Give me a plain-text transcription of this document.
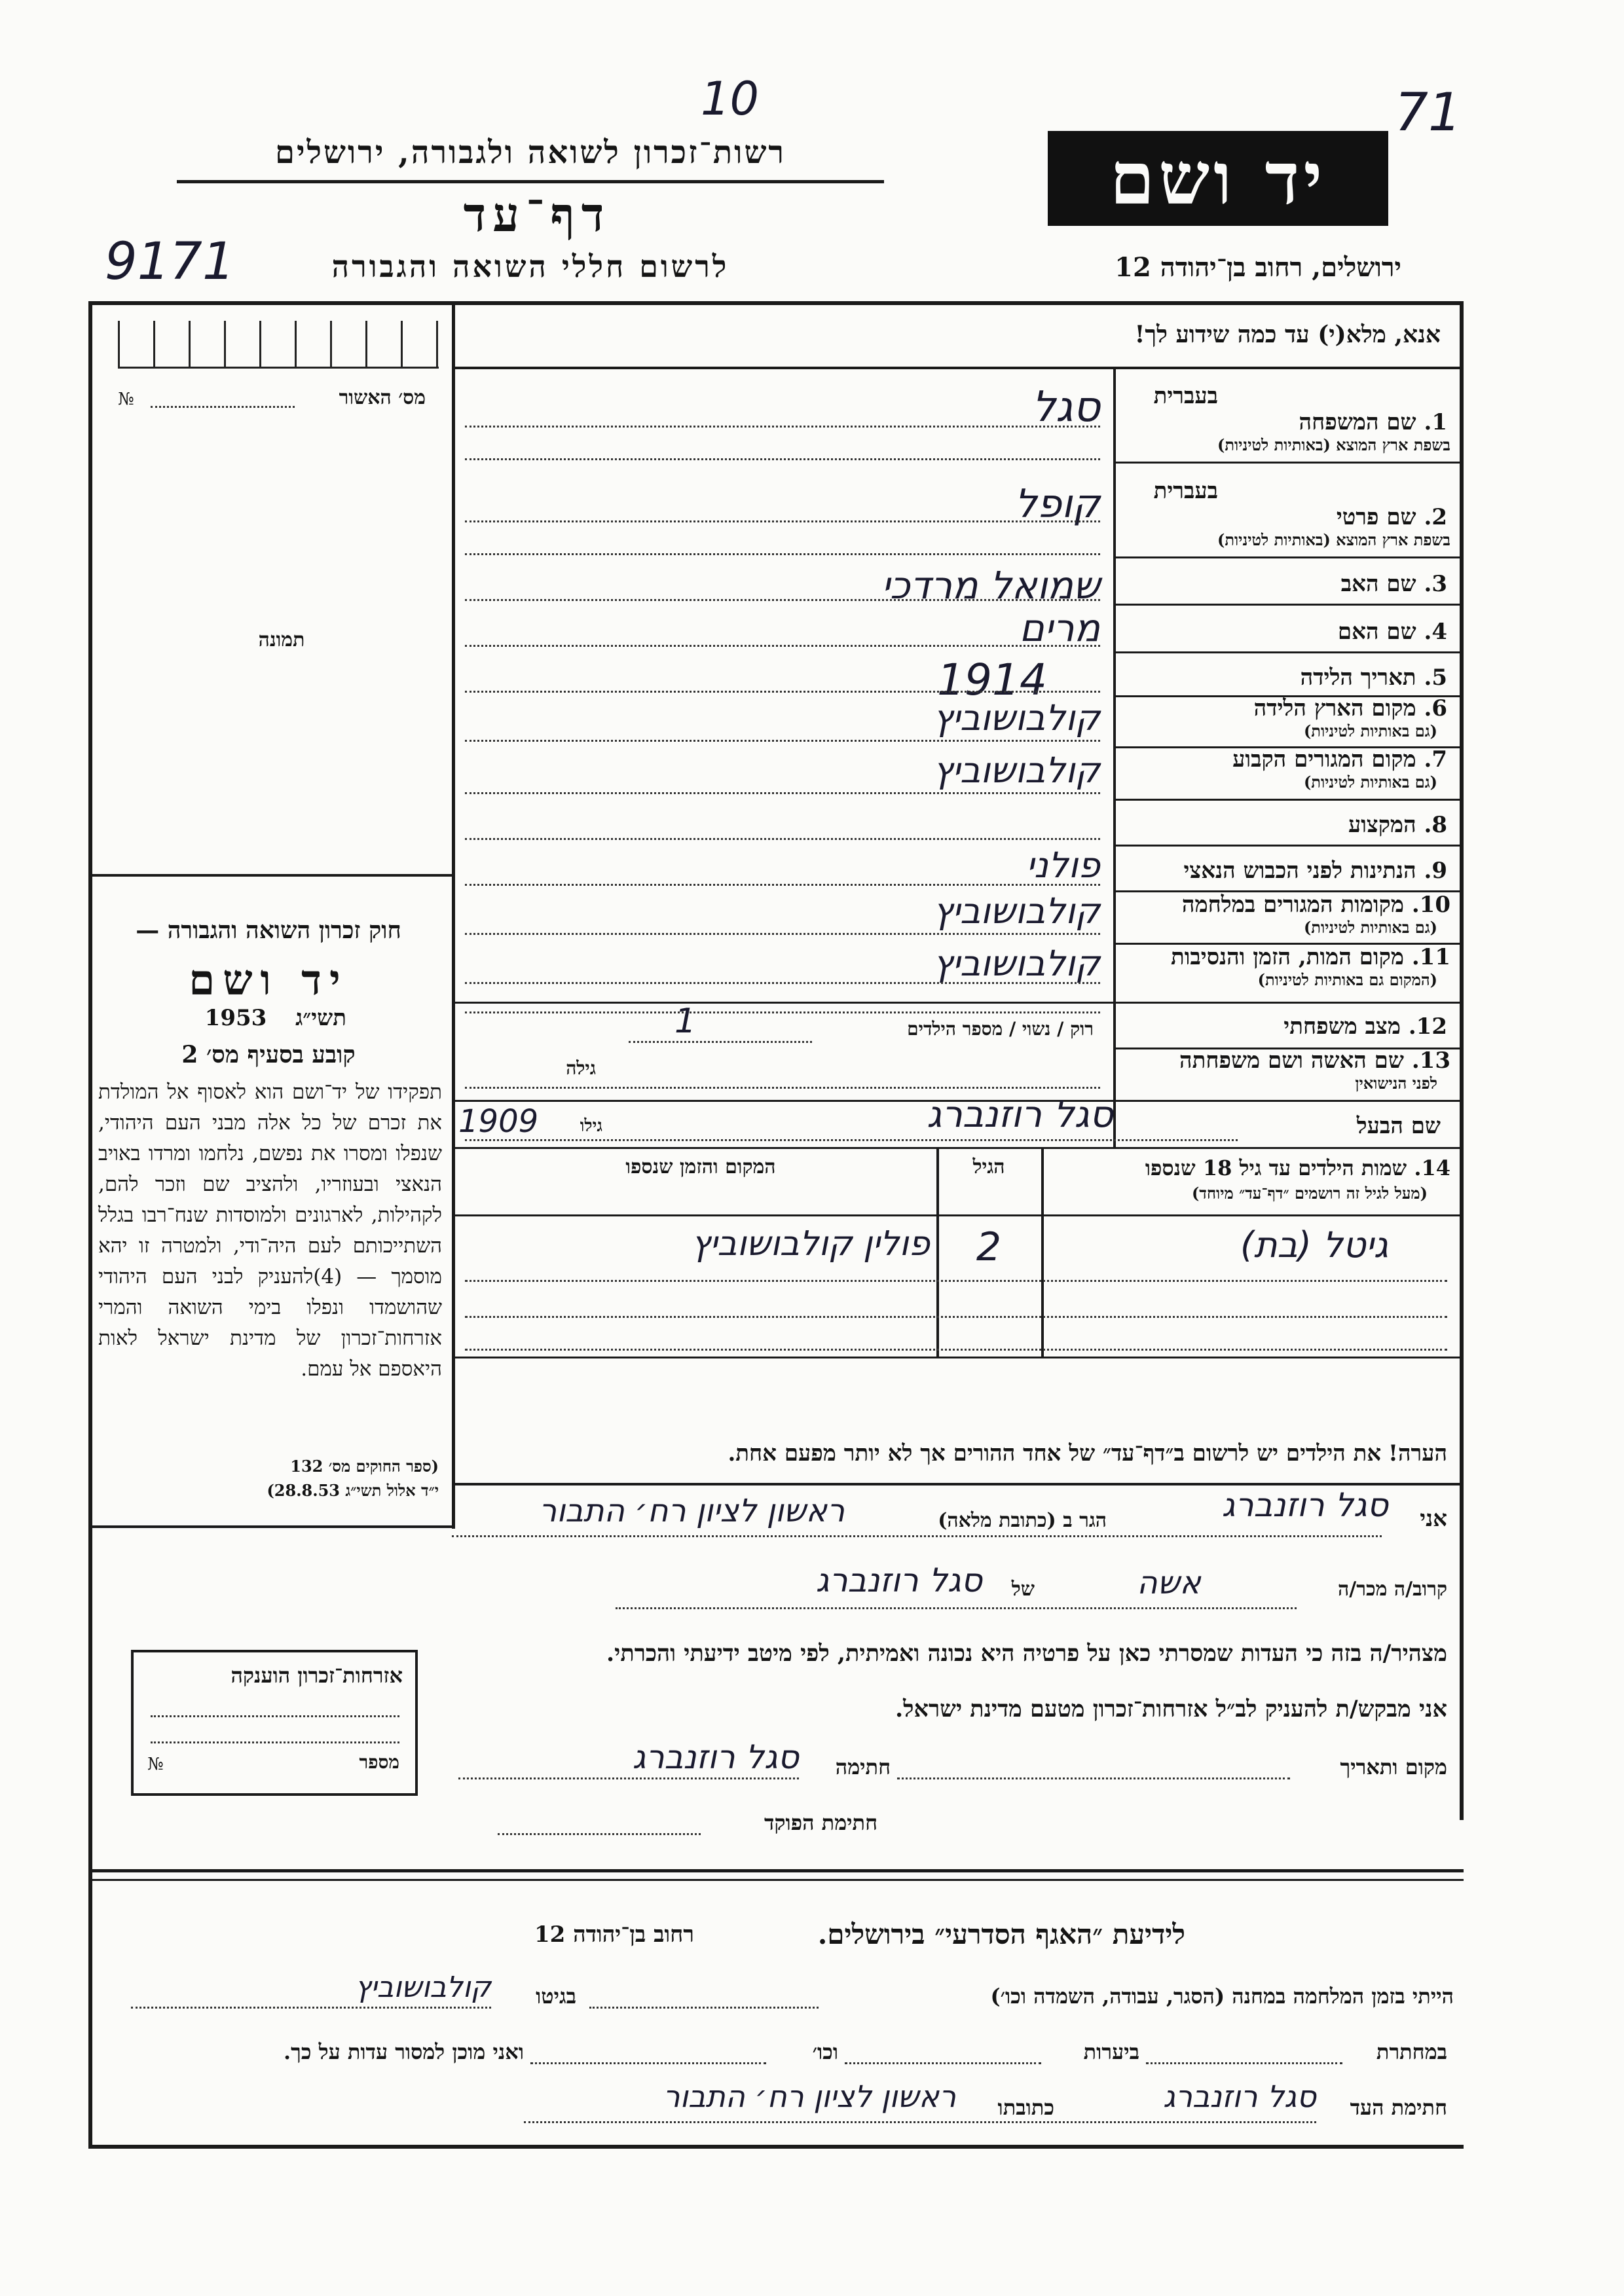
10	71
רשות־זכרון לשואה ולגבורה, ירושלים
דף־עד
לרשום חללי השואה והגבורה
9171
יד ושם
ירושלים, רחוב בן־יהודה 12
מס׳ האשור
№
תמונה
חוק זכרון השואה והגבורה —
יד ושם
תשי״ג
1953
קובע בסעיף מס׳ 2
תפקידו של יד־ושם הוא לאסוף אל המולדת את זכרם של כל אלה מבני העם היהודי, שנפלו ומסרו את נפשם, נלחמו ומרדו באויב הנאצי ובעוזריו, ולהציב שם וזכר להם, לקהילות, לארגונים ולמוסדות שנח־רבו בגלל השתייכותם לעם היה־ודי, ולמטרה זו יהא מוסמך — (4)להעניק לבני העם היהודי שהושמדו ונפלו בימי השואה והמרי אזרחות־זכרון של מדינת ישראל לאות היאספם אל עמם.
(ספר החוקים מס׳ 132
י״ד אלול תשי״ג 28.8.53)
אזרחות־זכרון הוענקה
מספר
№
אנא, מלא(י) עד כמה שידוע לך!
בעברית
1. שם המשפחה
בשפת ארץ המוצא (באותיות לטיניות)
סגל
בעברית
2. שם פרטי
בשפת ארץ המוצא (באותיות לטיניות)
קופל
3. שם האב
שמואל מרדכי
4. שם האם
מרים
5. תאריך הלידה
1914
6. מקום הארץ הלידה
(גם באותיות לטיניות)
קולבושוביץ
7. מקום המגורים הקבוע
(גם באותיות לטיניות)
קולבושוביץ
8. המקצוע
9. הנתינות לפני הכבוש הנאצי
פולני
10. מקומות המגורים במלחמה
(גם באותיות לטיניות)
קולבושוביץ
11. מקום המות, הזמן והנסיבות
(המקום גם באותיות לטיניות)
קולבושוביץ
12. מצב משפחתי
רוק / נשוי / מספר הילדים
1
13. שם האשה ושם משפחתה
לפני הנישואין
גילה
שם הבעל
סגל רוזנברג
גילו
1909
14. שמות הילדים עד גיל 18 שנספו
(מעל לגיל זה רושמים ״דף־עד״ מיוחד)
הגיל
המקום והזמן שנספו
גיטל (בת)
2
פולין קולבושוביץ
הערה! את הילדים יש לרשום ב״דף־עד״ של אחד ההורים אך לא יותר מפעם אחת.
אני
סגל רוזנברג
הגר ב (כתובת מלאה)
ראשון לציון רח׳ התבור
קרוב/ה מכר/ה
אשה
של
סגל רוזנברג
מצהיר/ה בזה כי העדות שמסרתי כאן על פרטיה היא נכונה ואמיתית, לפי מיטב ידיעתי והכרתי.
אני מבקש/ת להעניק לב״ל אזרחות־זכרון מטעם מדינת ישראל.
מקום ותאריך
חתימה
סגל רוזנברג
חתימת הפוקד
לידיעת ״האגף הסדרעי״ בירושלים.
רחוב בן־יהודה 12
הייתי בזמן המלחמה במחנה (הסגר, עבודה, השמדה וכו׳)
בגיטו
קולבושוביץ
במחתרת
ביערות
וכו׳
ואני מוכן למסור עדות על כך.
חתימת העד
סגל רוזנברג
כתובתו
ראשון לציון רח׳ התבור
